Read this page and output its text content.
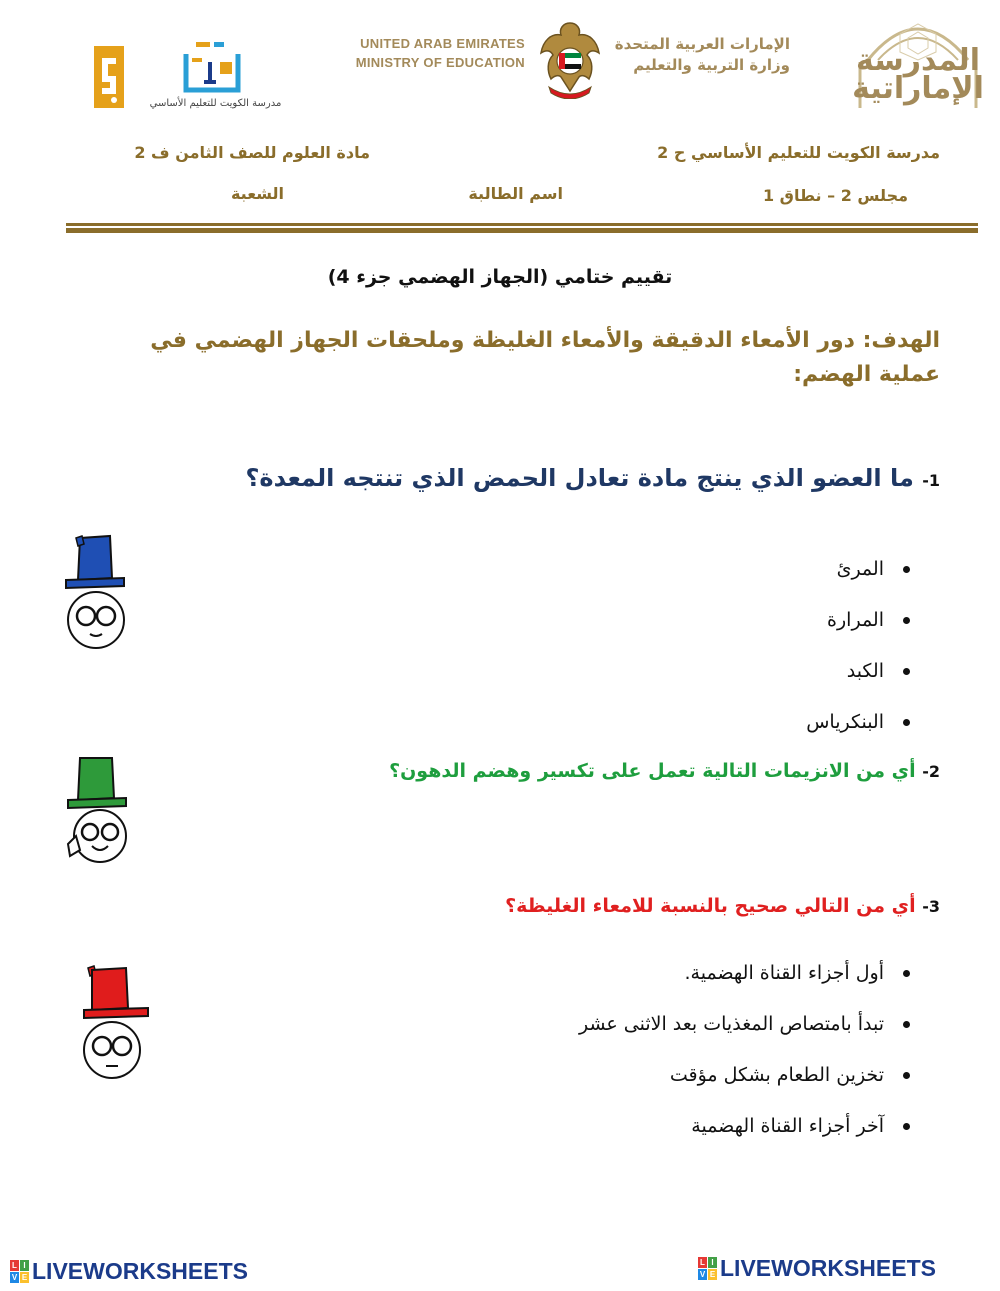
المدرسة
الإماراتية
الإمارات العربية المتحدة
وزارة التربية والتعليم
UNITED ARAB EMIRATES
MINISTRY OF EDUCATION
مدرسة الكويت للتعليم الأساسي
مدرسة الكويت للتعليم الأساسي ح 2
مادة العلوم للصف الثامن ف 2
مجلس 2 – نطاق 1
اسم الطالبة
الشعبة
تقييم ختامي (الجهاز الهضمي جزء 4)
الهدف: دور الأمعاء الدقيقة والأمعاء الغليظة وملحقات الجهاز الهضمي في عملية الهضم:
1- ما العضو الذي ينتج مادة تعادل الحمض الذي تنتجه المعدة؟
المرئ
المرارة
الكبد
البنكرياس
2- أي من الانزيمات التالية تعمل على تكسير وهضم الدهون؟
3- أي من التالي صحيح بالنسبة للامعاء الغليظة؟
أول أجزاء القناة الهضمية.
تبدأ بامتصاص المغذيات بعد الاثنى عشر
تخزين الطعام بشكل مؤقت
آخر أجزاء القناة الهضمية
L I
V E LIVEWORKSHEETS	L I
V E LIVEWORKSHEETS
